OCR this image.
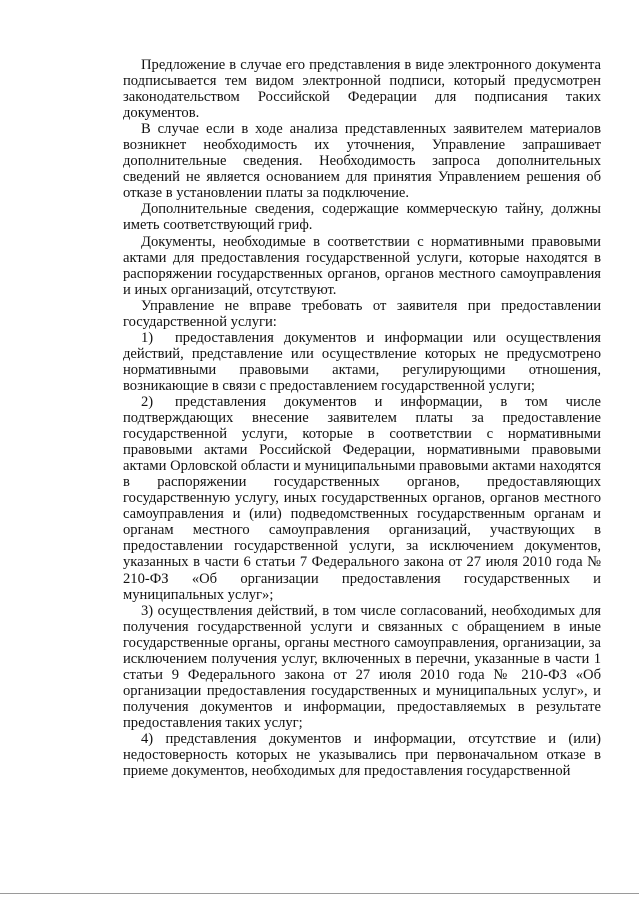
Предложение в случае его представления в виде электронного документа подписывается тем видом электронной подписи, который предусмотрен законодательством Российской Федерации для подписания таких документов.

В случае если в ходе анализа представленных заявителем материалов возникнет необходимость их уточнения, Управление запрашивает дополнительные сведения. Необходимость запроса дополнительных сведений не является основанием для принятия Управлением решения об отказе в установлении платы за подключение.

Дополнительные сведения, содержащие коммерческую тайну, должны иметь соответствующий гриф.

Документы, необходимые в соответствии с нормативными правовыми актами для предоставления государственной услуги, которые находятся в распоряжении государственных органов, органов местного самоуправления и иных организаций, отсутствуют.

Управление не вправе требовать от заявителя при предоставлении государственной услуги:

1) предоставления документов и информации или осуществления действий, представление или осуществление которых не предусмотрено нормативными правовыми актами, регулирующими отношения, возникающие в связи с предоставлением государственной услуги;

2) представления документов и информации, в том числе подтверждающих внесение заявителем платы за предоставление государственной услуги, которые в соответствии с нормативными правовыми актами Российской Федерации, нормативными правовыми актами Орловской области и муниципальными правовыми актами находятся в распоряжении государственных органов, предоставляющих государственную услугу, иных государственных органов, органов местного самоуправления и (или) подведомственных государственным органам и органам местного самоуправления организаций, участвующих в предоставлении государственной услуги, за исключением документов, указанных в части 6 статьи 7 Федерального закона от 27 июля 2010 года № 210-ФЗ «Об организации предоставления государственных и муниципальных услуг»;

3) осуществления действий, в том числе согласований, необходимых для получения государственной услуги и связанных с обращением в иные государственные органы, органы местного самоуправления, организации, за исключением получения услуг, включенных в перечни, указанные в части 1 статьи 9 Федерального закона от 27 июля 2010 года № 210-ФЗ «Об организации предоставления государственных и муниципальных услуг», и получения документов и информации, предоставляемых в результате предоставления таких услуг;

4) представления документов и информации, отсутствие и (или) недостоверность которых не указывались при первоначальном отказе в приеме документов, необходимых для предоставления государственной
